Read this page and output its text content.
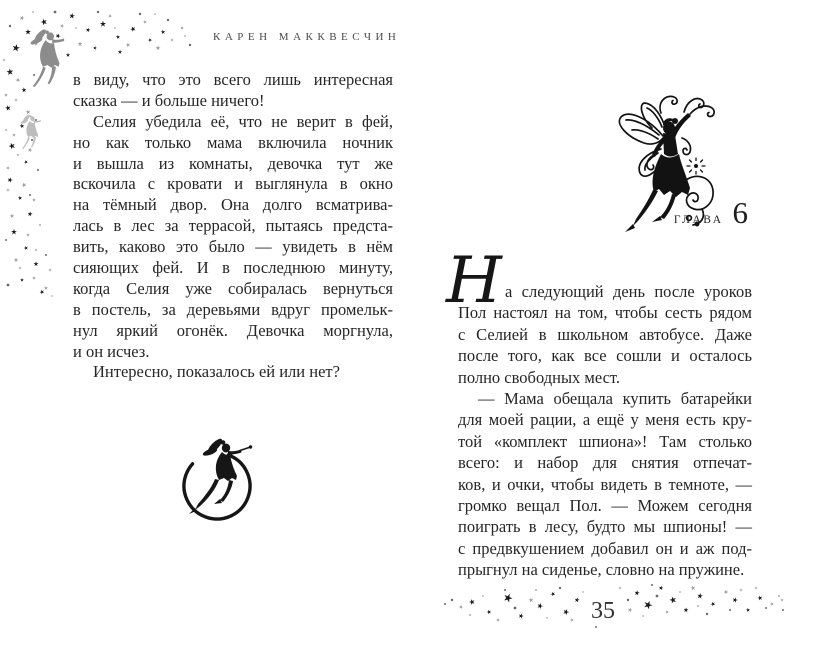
КАРЕН МАККВЕСЧИН
в виду, что это всего лишь интересная
сказка — и больше ничего!
Селия убедила её, что не верит в фей,
но как только мама включила ночник
и вышла из комнаты, девочка тут же
вскочила с кровати и выглянула в окно
на тёмный двор. Она долго всматрива-
лась в лес за террасой, пытаясь предста-
вить, каково это было — увидеть в нём
сияющих фей. И в последнюю минуту,
когда Селия уже собиралась вернуться
в постель, за деревьями вдруг промельк-
нул яркий огонёк. Девочка моргнула,
и он исчез.
Интересно, показалось ей или нет?
ГЛАВА 6
Н а следующий день после уроков
Пол настоял на том, чтобы сесть рядом
с Селией в школьном автобусе. Даже
после того, как все сошли и осталось
полно свободных мест.
— Мама обещала купить батарейки
для моей рации, а ещё у меня есть кру-
той «комплект шпиона»! Там столько
всего: и набор для снятия отпечат-
ков, и очки, чтобы видеть в темноте, —
громко вещал Пол. — Можем сегодня
поиграть в лесу, будто мы шпионы! —
с предвкушением добавил он и аж под-
прыгнул на сиденье, словно на пружине.
35
